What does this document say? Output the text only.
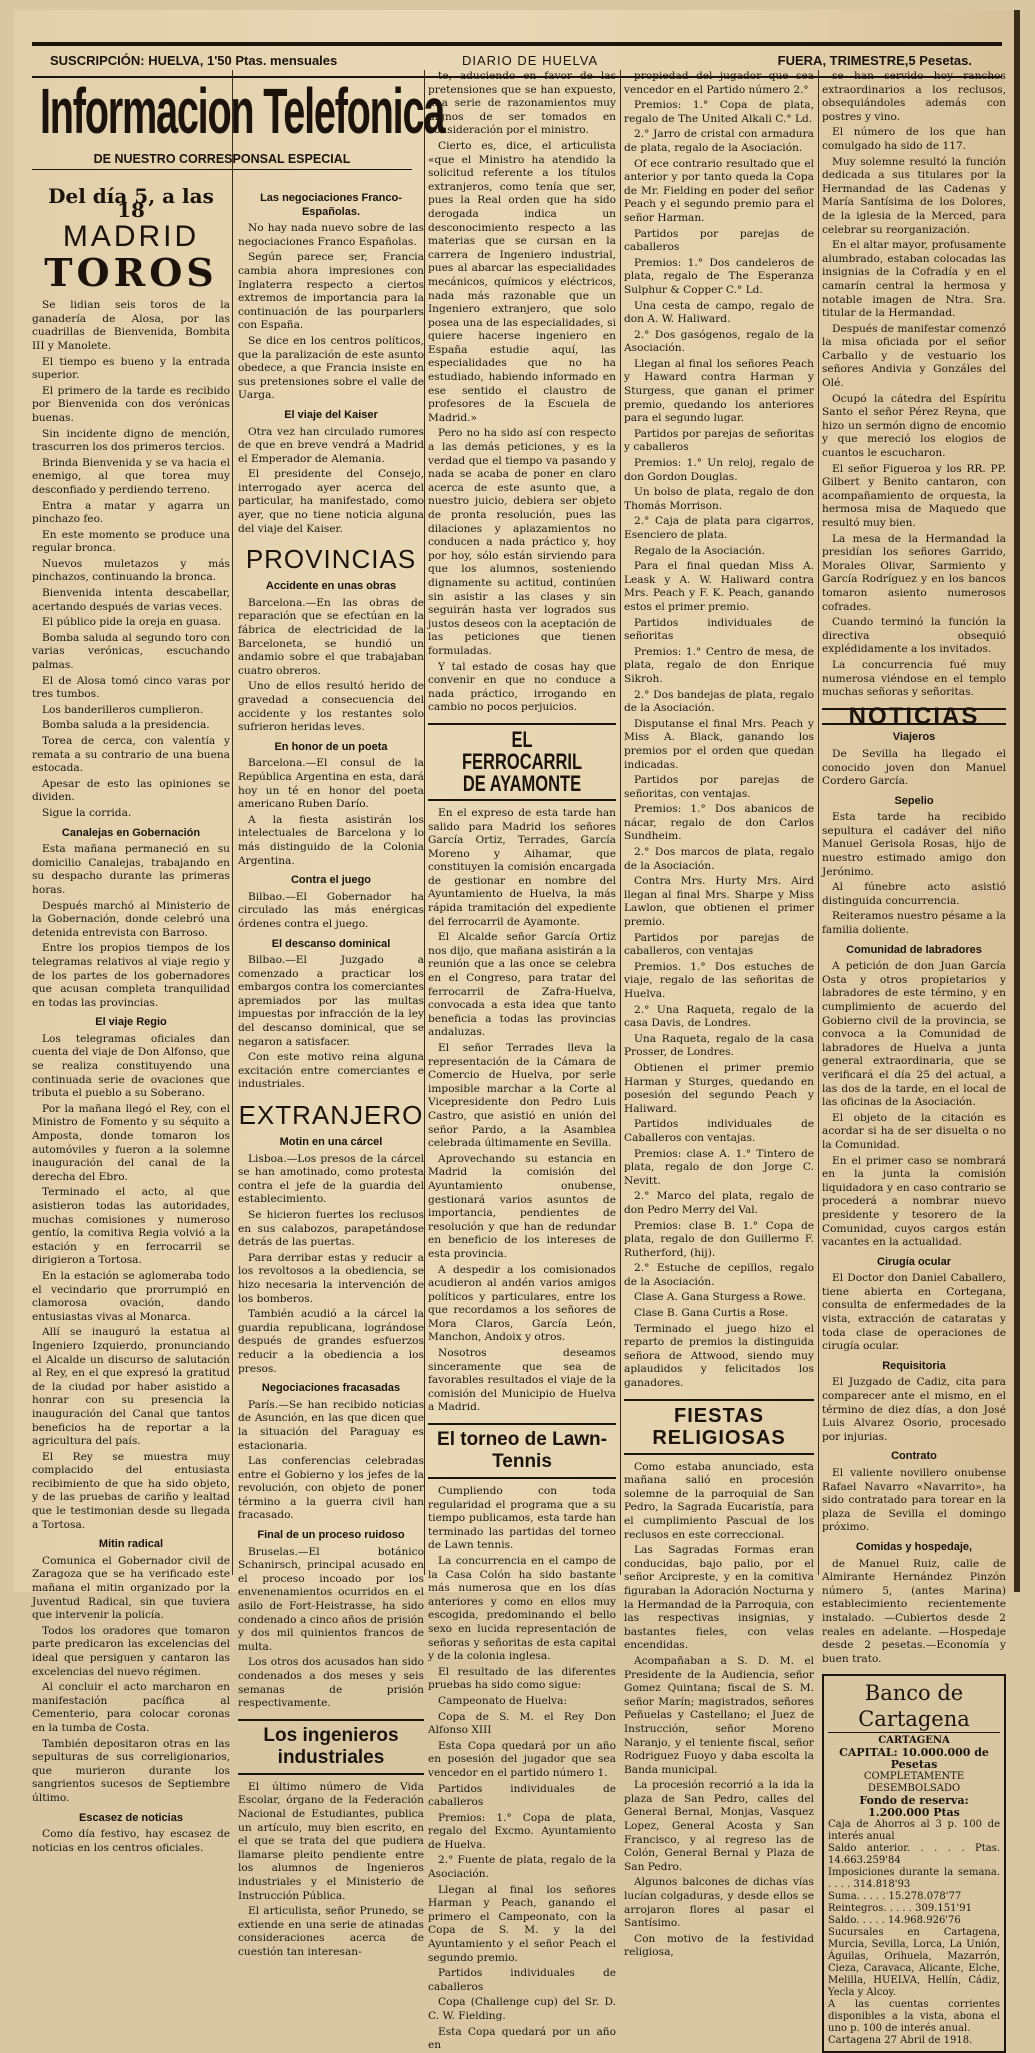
SUSCRIPCIÓN: HUELVA, 1'50 Ptas. mensuales	DIARIO DE HUELVA	FUERA, TRIMESTRE,5 Pesetas.
Informacion Telefonica
DE NUESTRO CORRESPONSAL ESPECIAL
Del día 5, a las 18
MADRID
TOROS

Se lidian seis toros de la ganadería de Alosa, por las cuadrillas de Bienvenida, Bombita III y Manolete.

El tiempo es bueno y la entrada superior.

El primero de la tarde es recibido por Bienvenida con dos verónicas buenas.

Sin incidente digno de mención, trascurren los dos primeros tercios.

Brinda Bienvenida y se va hacia el enemigo, al que torea muy desconfiado y perdiendo terreno.

Entra a matar y agarra un pinchazo feo.

En este momento se produce una regular bronca.

Nuevos muletazos y más pinchazos, continuando la bronca.

Bienvenida intenta descabellar, acertando después de varias veces.

El público pide la oreja en guasa.

Bomba saluda al segundo toro con varias verónicas, escuchando palmas.

El de Alosa tomó cinco varas por tres tumbos.

Los banderilleros cumplieron.

Bomba saluda a la presidencia.

Torea de cerca, con valentía y remata a su contrario de una buena estocada.

Apesar de esto las opiniones se dividen.

Sigue la corrida.

Canalejas en Gobernación

Esta mañana permaneció en su domicilio Canalejas, trabajando en su despacho durante las primeras horas.

Después marchó al Ministerio de la Gobernación, donde celebró una detenida entrevista con Barroso.

Entre los propios tiempos de los telegramas relativos al viaje regio y de los partes de los gobernadores que acusan completa tranquilidad en todas las provincias.

El viaje Regio

Los telegramas oficiales dan cuenta del viaje de Don Alfonso, que se realiza constituyendo una continuada serie de ovaciones que tributa el pueblo a su Soberano.

Por la mañana llegó el Rey, con el Ministro de Fomento y su séquito a Amposta, donde tomaron los automóviles y fueron a la solemne inauguración del canal de la derecha del Ebro.

Terminado el acto, al que asistieron todas las autoridades, muchas comisiones y numeroso gentío, la comitiva Regia volvió a la estación y en ferrocarril se dirigieron a Tortosa.

En la estación se aglomeraba todo el vecindario que prorrumpió en clamorosa ovación, dando entusiastas vivas al Monarca.

Allí se inauguró la estatua al Ingeniero Izquierdo, pronunciando el Alcalde un discurso de salutación al Rey, en el que expresó la gratitud de la ciudad por haber asistido a honrar con su presencia la inauguración del Canal que tantos beneficios ha de reportar a la agricultura del país.

El Rey se muestra muy complacido del entusiasta recibimiento de que ha sido objeto, y de las pruebas de cariño y lealtad que le testimonian desde su llegada a Tortosa.

Mitin radical

Comunica el Gobernador civil de Zaragoza que se ha verificado este mañana el mitin organizado por la Juventud Radical, sin que tuviera que intervenir la policía.

Todos los oradores que tomaron parte predicaron las excelencias del ideal que persiguen y cantaron las excelencias del nuevo régimen.

Al concluir el acto marcharon en manifestación pacífica al Cementerio, para colocar coronas en la tumba de Costa.

También depositaron otras en las sepulturas de sus correligionarios, que murieron durante los sangrientos sucesos de Septiembre último.

Escasez de noticias

Como día festivo, hay escasez de noticias en los centros oficiales.

Las negociaciones Franco-Españolas.

No hay nada nuevo sobre de las negociaciones Franco Españolas.

Según parece ser, Francia cambia ahora impresiones con Inglaterra respecto a ciertos extremos de importancia para la continuación de las pourparlers con España.

Se dice en los centros políticos, que la paralización de este asunto obedece, a que Francia insiste en sus pretensiones sobre el valle de Uarga.

El viaje del Kaiser

Otra vez han circulado rumores de que en breve vendrá a Madrid el Emperador de Alemania.

El presidente del Consejo, interrogado ayer acerca del particular, ha manifestado, como ayer, que no tiene noticia alguna del viaje del Kaiser.

PROVINCIAS
Accidente en unas obras

Barcelona.—En las obras de reparación que se efectúan en la fábrica de electricidad de la Barceloneta, se hundió un andamio sobre el que trabajaban cuatro obreros.

Uno de ellos resultó herido de gravedad a consecuencia del accidente y los restantes solo sufrieron heridas leves.

En honor de un poeta

Barcelona.—El consul de la República Argentina en esta, dará hoy un té en honor del poeta americano Ruben Darío.

A la fiesta asistirán los intelectuales de Barcelona y lo más distinguido de la Colonia Argentina.

Contra el juego

Bilbao.—El Gobernador ha circulado las más enérgicas órdenes contra el juego.

El descanso dominical

Bilbao.—El Juzgado a comenzado a practicar los embargos contra los comerciantes apremiados por las multas impuestas por infracción de la ley del descanso dominical, que se negaron a satisfacer.

Con este motivo reina alguna excitación entre comerciantes e industriales.

EXTRANJERO
Motin en una cárcel

Lisboa.—Los presos de la cárcel se han amotinado, como protesta contra el jefe de la guardia del establecimiento.

Se hicieron fuertes los reclusos en sus calabozos, parapetándose detrás de las puertas.

Para derribar estas y reducir a los revoltosos a la obediencia, se hizo necesaria la intervención de los bomberos.

También acudió a la cárcel la guardia republicana, lográndose después de grandes esfuerzos reducir a la obediencia a los presos.

Negociaciones fracasadas

París.—Se han recibido noticias de Asunción, en las que dicen que la situación del Paraguay es estacionaria.

Las conferencias celebradas entre el Gobierno y los jefes de la revolución, con objeto de poner término a la guerra civil han fracasado.

Final de un proceso ruidoso

Bruselas.—El botánico Schanirsch, principal acusado en el proceso incoado por los envenenamientos ocurridos en el asilo de Fort-Heistrasse, ha sido condenado a cinco años de prisión y dos mil quinientos francos de multa.

Los otros dos acusados han sido condenados a dos meses y seis semanas de prisión respectivamente.

Los ingenieros industriales

El último número de Vida Escolar, órgano de la Federación Nacional de Estudiantes, publica un artículo, muy bien escrito, en el que se trata del que pudiera llamarse pleito pendiente entre los alumnos de Ingenieros industriales y el Ministerio de Instrucción Pública.

El articulista, señor Prunedo, se extiende en una serie de atinadas consideraciones acerca de cuestión tan interesan-

te, aduciendo en favor de las pretensiones que se han expuesto, una serie de razonamientos muy dignos de ser tomados en consideración por el ministro.

Cierto es, dice, el articulista «que el Ministro ha atendido la solicitud referente a los títulos extranjeros, como tenía que ser, pues la Real orden que ha sido derogada indica un desconocimiento respecto a las materias que se cursan en la carrera de Ingeniero industrial, pues al abarcar las especialidades mecánicos, químicos y eléctricos, nada más razonable que un Ingeniero extranjero, que solo posea una de las especialidades, si quiere hacerse ingeniero en España estudie aquí, las especialidades que no ha estudiado, habiendo informado en ese sentido el claustro de profesores de la Escuela de Madrid.»

Pero no ha sido así con respecto a las demás peticiones, y es la verdad que el tiempo va pasando y nada se acaba de poner en claro acerca de este asunto que, a nuestro juicio, debiera ser objeto de pronta resolución, pues las dilaciones y aplazamientos no conducen a nada práctico y, hoy por hoy, sólo están sirviendo para que los alumnos, sosteniendo dignamente su actitud, continúen sin asistir a las clases y sin seguirán hasta ver logrados sus justos deseos con la aceptación de las peticiones que tienen formuladas.

Y tal estado de cosas hay que convenir en que no conduce a nada práctico, irrogando en cambio no pocos perjuicios.

EL FERROCARRIL DE AYAMONTE

En el expreso de esta tarde han salido para Madrid los señores García Ortiz, Terrades, García Moreno y Aihamar, que constituyen la comisión encargada de gestionar en nombre del Ayuntamiento de Huelva, la más rápida tramitación del expediente del ferrocarril de Ayamonte.

El Alcalde señor García Ortiz nos dijo, que mañana asistirán a la reunión que a las once se celebra en el Congreso, para tratar del ferrocarril de Zafra-Huelva, convocada a esta idea que tanto beneficia a todas las provincias andaluzas.

El señor Terrades lleva la representación de la Cámara de Comercio de Huelva, por serle imposible marchar a la Corte al Vicepresidente don Pedro Luis Castro, que asistió en unión del señor Pardo, a la Asamblea celebrada últimamente en Sevilla.

Aprovechando su estancia en Madrid la comisión del Ayuntamiento onubense, gestionará varios asuntos de importancia, pendientes de resolución y que han de redundar en beneficio de los intereses de esta provincia.

A despedir a los comisionados acudieron al andén varios amigos políticos y particulares, entre los que recordamos a los señores de Mora Claros, García León, Manchon, Andoix y otros.

Nosotros deseamos sinceramente que sea de favorables resultados el viaje de la comisión del Municipio de Huelva a Madrid.

El torneo de Lawn-Tennis

Cumpliendo con toda regularidad el programa que a su tiempo publicamos, esta tarde han terminado las partidas del torneo de Lawn tennis.

La concurrencia en el campo de la Casa Colón ha sido bastante más numerosa que en los días anteriores y como en ellos muy escogida, predominando el bello sexo en lucida representación de señoras y señoritas de esta capital y de la colonia inglesa.

El resultado de las diferentes pruebas ha sido como sigue:

Campeonato de Huelva:

Copa de S. M. el Rey Don Alfonso XIII

Esta Copa quedará por un año en posesión del jugador que sea vencedor en el partido número 1.

Partidos individuales de caballeros

Premios: 1.° Copa de plata, regalo del Excmo. Ayuntamiento de Huelva.

2.° Fuente de plata, regalo de la Asociación.

Llegan al final los señores Harman y Peach, ganando el primero el Campeonato, con la Copa de S. M. y la del Ayuntamiento y el señor Peach el segundo premio.

Partidos individuales de caballeros

Copa (Challenge cup) del Sr. D. C. W. Fielding.

Esta Copa quedará por un año en

propiedad del jugador que sea vencedor en el Partido número 2.°

Premios: 1.° Copa de plata, regalo de The United Alkali C.° Ld.

2.° Jarro de cristal con armadura de plata, regalo de la Asociación.

Of ece contrario resultado que el anterior y por tanto queda la Copa de Mr. Fielding en poder del señor Peach y el segundo premio para el señor Harman.

Partidos por parejas de caballeros

Premios: 1.° Dos candeleros de plata, regalo de The Esperanza Sulphur & Copper C.° Ld.

Una cesta de campo, regalo de don A. W. Haliward.

2.° Dos gasógenos, regalo de la Asociación.

Llegan al final los señores Peach y Haward contra Harman y Sturgess, que ganan el primer premio, quedando los anteriores para el segundo lugar.

Partidos por parejas de señoritas y caballeros

Premios: 1.° Un reloj, regalo de don Gordon Douglas.

Un bolso de plata, regalo de don Thomás Morrison.

2.° Caja de plata para cigarros, Esenciero de plata.

Regalo de la Asociación.

Para el final quedan Miss A. Leask y A. W. Haliward contra Mrs. Peach y F. K. Peach, ganando estos el primer premio.

Partidos individuales de señoritas

Premios: 1.° Centro de mesa, de plata, regalo de don Enrique Sikroh.

2.° Dos bandejas de plata, regalo de la Asociación.

Disputanse el final Mrs. Peach y Miss A. Black, ganando los premios por el orden que quedan indicadas.

Partidos por parejas de señoritas, con ventajas.

Premios: 1.° Dos abanicos de nácar, regalo de don Carlos Sundheim.

2.° Dos marcos de plata, regalo de la Asociación.

Contra Mrs. Hurty Mrs. Aird llegan al final Mrs. Sharpe y Miss Lawlon, que obtienen el primer premio.

Partidos por parejas de caballeros, con ventajas

Premios. 1.° Dos estuches de viaje, regalo de las señoritas de Huelva.

2.° Una Raqueta, regalo de la casa Davis, de Londres.

Una Raqueta, regalo de la casa Prosser, de Londres.

Obtienen el primer premio Harman y Sturges, quedando en posesión del segundo Peach y Haliward.

Partidos individuales de Caballeros con ventajas.

Premios: clase A. 1.° Tintero de plata, regalo de don Jorge C. Nevitt.

2.° Marco del plata, regalo de don Pedro Merry del Val.

Premios: clase B. 1.° Copa de plata, regalo de don Guillermo F. Rutherford, (hij).

2.° Estuche de cepillos, regalo de la Asociación.

Clase A. Gana Sturgess a Rowe.

Clase B. Gana Curtis a Rose.

Terminado el juego hizo el reparto de premios la distinguida señora de Attwood, siendo muy aplaudidos y felicitados los ganadores.

FIESTAS RELIGIOSAS

Como estaba anunciado, esta mañana salió en procesión solemne de la parroquial de San Pedro, la Sagrada Eucaristía, para el cumplimiento Pascual de los reclusos en este correccional.

Las Sagradas Formas eran conducidas, bajo palio, por el señor Arcipreste, y en la comitiva figuraban la Adoración Nocturna y la Hermandad de la Parroquia, con las respectivas insignias, y bastantes fieles, con velas encendidas.

Acompañaban a S. D. M. el Presidente de la Audiencia, señor Gomez Quintana; fiscal de S. M. señor Marín; magistrados, señores Peñuelas y Castellano; el Juez de Instrucción, señor Moreno Naranjo, y el teniente fiscal, señor Rodriguez Fuoyo y daba escolta la Banda municipal.

La procesión recorrió a la ida la plaza de San Pedro, calles del General Bernal, Monjas, Vasquez Lopez, General Acosta y San Francisco, y al regreso las de Colón, General Bernal y Plaza de San Pedro.

Algunos balcones de dichas vías lucían colgaduras, y desde ellos se arrojaron flores al pasar el Santísimo.

Con motivo de la festividad religiosa,

se han servido hoy ranchos extraordinarios a los reclusos, obsequiándoles además con postres y vino.

El número de los que han comulgado ha sido de 117.

Muy solemne resultó la función dedicada a sus titulares por la Hermandad de las Cadenas y María Santísima de los Dolores, de la iglesia de la Merced, para celebrar su reorganización.

En el altar mayor, profusamente alumbrado, estaban colocadas las insignias de la Cofradía y en el camarín central la hermosa y notable imagen de Ntra. Sra. titular de la Hermandad.

Después de manifestar comenzó la misa oficiada por el señor Carballo y de vestuario los señores Andivia y Gonzáles del Olé.

Ocupó la cátedra del Espíritu Santo el señor Pérez Reyna, que hizo un sermón digno de encomio y que mereció los elogios de cuantos le escucharon.

El señor Figueroa y los RR. PP. Gilbert y Benito cantaron, con acompañamiento de orquesta, la hermosa misa de Maquedo que resultó muy bien.

La mesa de la Hermandad la presidían los señores Garrido, Morales Olivar, Sarmiento y García Rodríguez y en los bancos tomaron asiento numerosos cofrades.

Cuando terminó la función la directiva obsequió explédidamente a los invitados.

La concurrencia fué muy numerosa viéndose en el templo muchas señoras y señoritas.

NOTICIAS
Viajeros

De Sevilla ha llegado el conocido joven don Manuel Cordero García.

Sepelio

Esta tarde ha recibido sepultura el cadáver del niño Manuel Gerisola Rosas, hijo de nuestro estimado amigo don Jerónimo.

Al fúnebre acto asistió distinguida concurrencia.

Reiteramos nuestro pésame a la familia doliente.

Comunidad de labradores

A petición de don Juan García Osta y otros propietarios y labradores de este término, y en cumplimiento de acuerdo del Gobierno civil de la provincia, se convoca a la Comunidad de labradores de Huelva a junta general extraordinaria, que se verificará el día 25 del actual, a las dos de la tarde, en el local de las oficinas de la Asociación.

El objeto de la citación es acordar si ha de ser disuelta o no la Comunidad.

En el primer caso se nombrará en la junta la comisión liquidadora y en caso contrario se procederá a nombrar nuevo presidente y tesorero de la Comunidad, cuyos cargos están vacantes en la actualidad.

Cirugía ocular

El Doctor don Daniel Caballero, tiene abierta en Cortegana, consulta de enfermedades de la vista, extracción de cataratas y toda clase de operaciones de cirugía ocular.

Requisitoria

El Juzgado de Cadiz, cita para comparecer ante el mismo, en el término de diez días, a don José Luis Alvarez Osorio, procesado por injurias.

Contrato

El valiente novillero onubense Rafael Navarro «Navarrito», ha sido contratado para torear en la plaza de Sevilla el domingo próximo.

Comidas y hospedaje,

de Manuel Ruiz, calle de Almirante Hernández Pinzón número 5, (antes Marina) establecimiento recientemente instalado. —Cubiertos desde 2 reales en adelante. —Hospedaje desde 2 pesetas.—Economía y buen trato.

Banco de Cartagena
CARTAGENA
CAPITAL: 10.000.000 de Pesetas
COMPLETAMENTE DESEMBOLSADO
Fondo de reserva: 1.200.000 Ptas
Caja de Ahorros al 3 p. 100 de interés anual
Saldo anterior. . . . . Ptas. 14.663.259'84
Imposiciones durante la semana. . . . . 314.818'93
Suma. . . . . 15.278.078'77
Reintegros. . . . . 309.151'91
Saldo. . . . . 14.968.926'76
Sucursales en Cartagena, Murcia, Sevilla, Lorca, La Unión, Águilas, Orihuela, Mazarrón, Cieza, Caravaca, Alicante, Elche, Melilla, HUELVA, Hellín, Cádiz, Yecla y Alcoy.
A las cuentas corrientes disponibles a la vista, abona el uno p. 100 de interés anual.
Cartagena 27 Abril de 1918.
